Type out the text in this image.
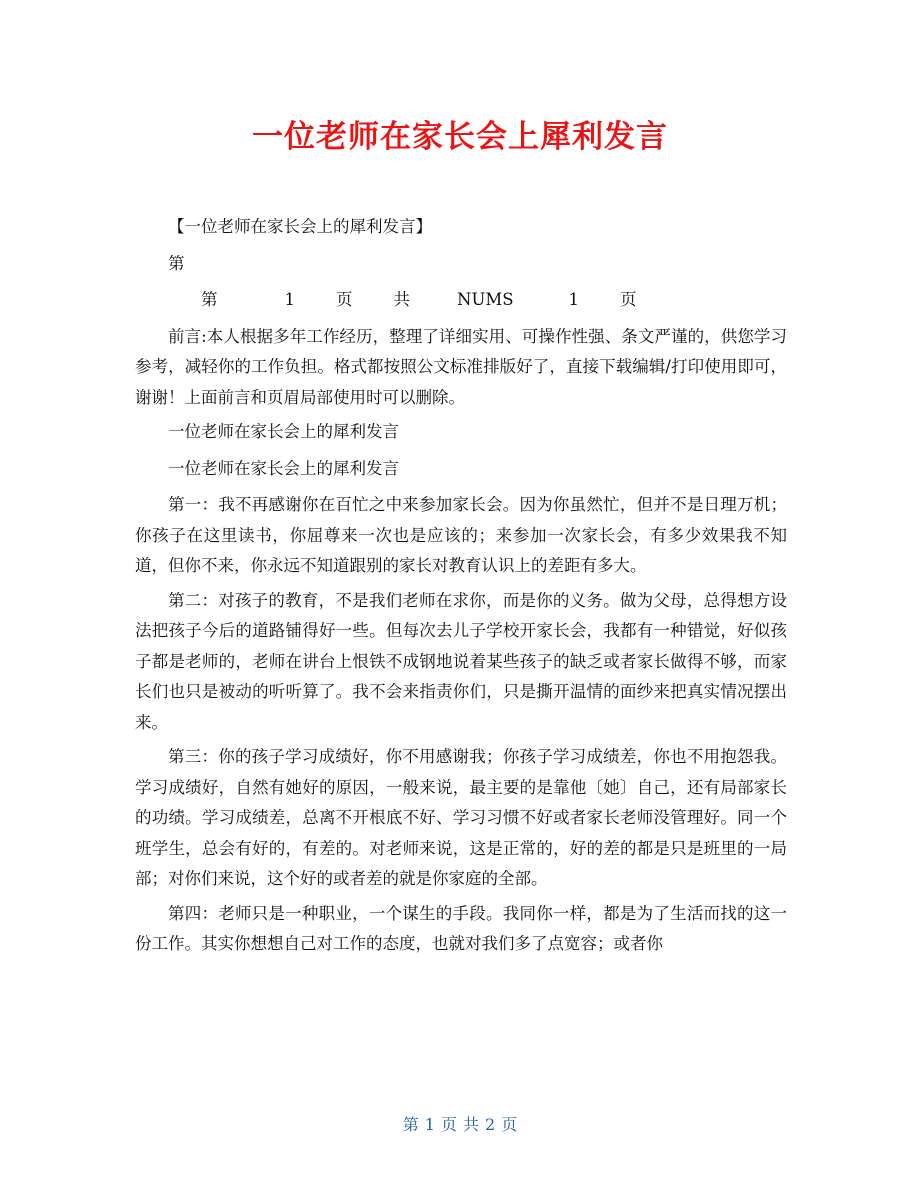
一位老师在家长会上犀利发言

【一位老师在家长会上的犀利发言】

第

第	1 页 共	NUMS	1 页

前言:本人根据多年工作经历，整理了详细实用、可操作性强、条文严谨的，供您学习参考，减轻你的工作负担。格式都按照公文标准排版好了，直接下载编辑/打印使用即可，谢谢！上面前言和页眉局部使用时可以删除。

一位老师在家长会上的犀利发言

一位老师在家长会上的犀利发言

第一：我不再感谢你在百忙之中来参加家长会。因为你虽然忙，但并不是日理万机；你孩子在这里读书，你屈尊来一次也是应该的；来参加一次家长会，有多少效果我不知道，但你不来，你永远不知道跟别的家长对教育认识上的差距有多大。

第二：对孩子的教育，不是我们老师在求你，而是你的义务。做为父母，总得想方设法把孩子今后的道路铺得好一些。但每次去儿子学校开家长会，我都有一种错觉，好似孩子都是老师的，老师在讲台上恨铁不成钢地说着某些孩子的缺乏或者家长做得不够，而家长们也只是被动的听听算了。我不会来指责你们，只是撕开温情的面纱来把真实情况摆出来。

第三：你的孩子学习成绩好，你不用感谢我；你孩子学习成绩差，你也不用抱怨我。学习成绩好，自然有她好的原因，一般来说，最主要的是靠他〔她〕自己，还有局部家长的功绩。学习成绩差，总离不开根底不好、学习习惯不好或者家长老师没管理好。同一个班学生，总会有好的，有差的。对老师来说，这是正常的，好的差的都是只是班里的一局部；对你们来说，这个好的或者差的就是你家庭的全部。

第四：老师只是一种职业，一个谋生的手段。我同你一样，都是为了生活而找的这一份工作。其实你想想自己对工作的态度，也就对我们多了点宽容；或者你

第 1 页 共 2 页
